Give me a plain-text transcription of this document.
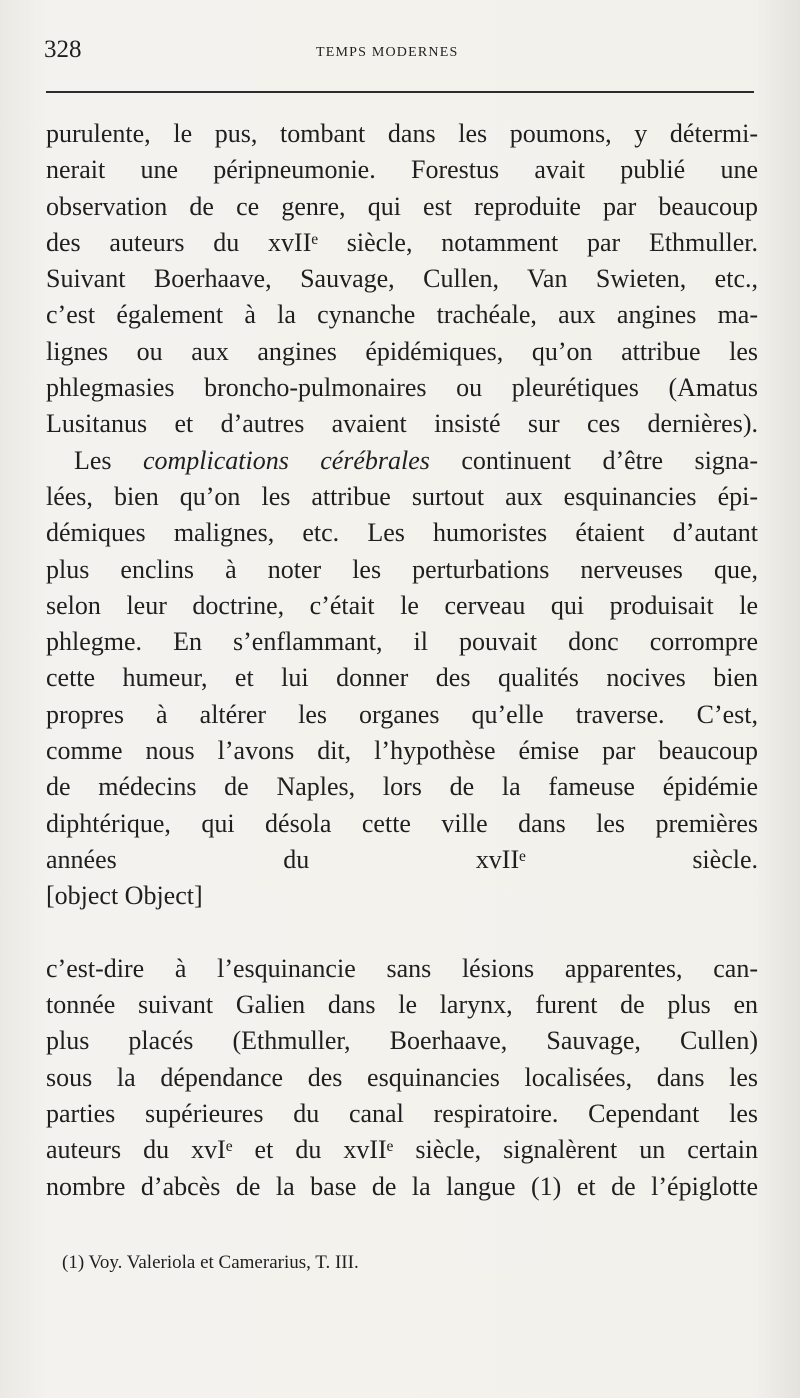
328	TEMPS MODERNES
purulente, le pus, tombant dans les poumons, y détermi-
nerait une péripneumonie. Forestus avait publié une
observation de ce genre, qui est reproduite par beaucoup
des auteurs du xvIIᵉ siècle, notamment par Ethmuller.
Suivant Boerhaave, Sauvage, Cullen, Van Swieten, etc.,
c’est également à la cynanche trachéale, aux angines ma-
lignes ou aux angines épidémiques, qu’on attribue les
phlegmasies broncho-pulmonaires ou pleurétiques (Amatus
Lusitanus et d’autres avaient insisté sur ces dernières).
Les complications cérébrales continuent d’être signa-
lées, bien qu’on les attribue surtout aux esquinancies épi-
démiques malignes, etc. Les humoristes étaient d’autant
plus enclins à noter les perturbations nerveuses que,
selon leur doctrine, c’était le cerveau qui produisait le
phlegme. En s’enflammant, il pouvait donc corrompre
cette humeur, et lui donner des qualités nocives bien
propres à altérer les organes qu’elle traverse. C’est,
comme nous l’avons dit, l’hypothèse émise par beaucoup
de médecins de Naples, lors de la fameuse épidémie
diphtérique, qui désola cette ville dans les premières
années du xvIIᵉ siècle.
[object Object]
c’est-dire à l’esquinancie sans lésions apparentes, can-
tonnée suivant Galien dans le larynx, furent de plus en
plus placés (Ethmuller, Boerhaave, Sauvage, Cullen)
sous la dépendance des esquinancies localisées, dans les
parties supérieures du canal respiratoire. Cependant les
auteurs du xvIᵉ et du xvIIᵉ siècle, signalèrent un certain
nombre d’abcès de la base de la langue (1) et de l’épiglotte
(1) Voy. Valeriola et Camerarius, T. III.
